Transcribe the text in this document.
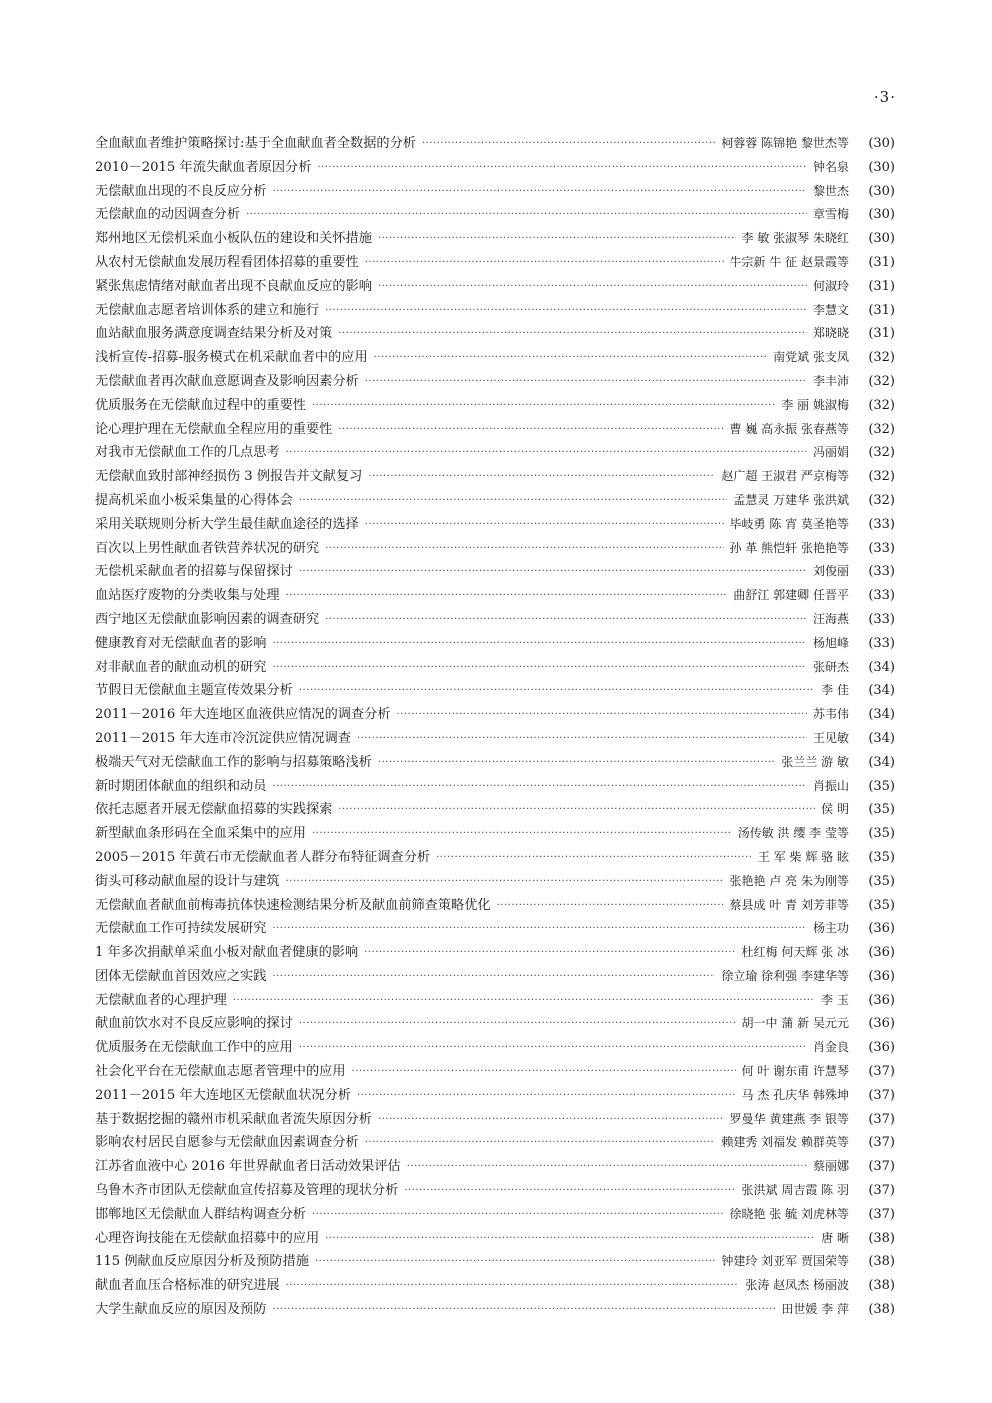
·3·
全血献血者维护策略探讨:基于全血献血者全数据的分析 ·····	柯蓉蓉 陈锦艳 黎世杰等	(30)
2010－2015 年流失献血者原因分析 ·····	钟名泉	(30)
无偿献血出现的不良反应分析 ·····	黎世杰	(30)
无偿献血的动因调查分析 ·····	章雪梅	(30)
郑州地区无偿机采血小板队伍的建设和关怀措施 ·····	李 敏 张淑琴 朱晓红	(30)
从农村无偿献血发展历程看团体招募的重要性 ·····	牛宗新 牛 征 赵景霞等	(31)
紧张焦虑情绪对献血者出现不良献血反应的影响 ·····	何淑玲	(31)
无偿献血志愿者培训体系的建立和施行 ·····	李慧文	(31)
血站献血服务满意度调查结果分析及对策 ·····	郑晓晓	(31)
浅析宣传-招募-服务模式在机采献血者中的应用 ·····	南党斌 张支凤	(32)
无偿献血者再次献血意愿调查及影响因素分析 ·····	李丰沛	(32)
优质服务在无偿献血过程中的重要性 ·····	李 丽 姚淑梅	(32)
论心理护理在无偿献血全程应用的重要性 ·····	曹 巍 高永振 张春燕等	(32)
对我市无偿献血工作的几点思考 ·····	冯丽娟	(32)
无偿献血致肘部神经损伤 3 例报告并文献复习 ·····	赵广超 王淑君 严京梅等	(32)
提高机采血小板采集量的心得体会 ·····	孟慧灵 万建华 张洪斌	(32)
采用关联规则分析大学生最佳献血途径的选择 ·····	毕岐勇 陈 宵 莫圣艳等	(33)
百次以上男性献血者铁营养状况的研究 ·····	孙 革 熊恺轩 张艳艳等	(33)
无偿机采献血者的招募与保留探讨 ·····	刘俊丽	(33)
血站医疗废物的分类收集与处理 ·····	曲舒江 郭建卿 任晋平	(33)
西宁地区无偿献血影响因素的调查研究 ·····	汪海燕	(33)
健康教育对无偿献血者的影响 ·····	杨旭峰	(33)
对非献血者的献血动机的研究 ·····	张研杰	(34)
节假日无偿献血主题宣传效果分析 ·····	李 佳	(34)
2011－2016 年大连地区血液供应情况的调查分析 ·····	苏韦伟	(34)
2011－2015 年大连市冷沉淀供应情况调查 ·····	王见敏	(34)
极端天气对无偿献血工作的影响与招募策略浅析 ·····	张兰兰 游 敏	(34)
新时期团体献血的组织和动员 ·····	肖振山	(35)
依托志愿者开展无偿献血招募的实践探索 ·····	侯 明	(35)
新型献血条形码在全血采集中的应用 ·····	汤传敏 洪 缨 李 莹等	(35)
2005－2015 年黄石市无偿献血者人群分布特征调查分析 ·····	王 军 柴 辉 骆 眩	(35)
街头可移动献血屋的设计与建筑 ·····	张艳艳 卢 亮 朱为刚等	(35)
无偿献血者献血前梅毒抗体快速检测结果分析及献血前筛查策略优化 ·····	蔡县成 叶 青 刘芳菲等	(35)
无偿献血工作可持续发展研究 ·····	杨主功	(36)
1 年多次捐献单采血小板对献血者健康的影响 ·····	杜红梅 何天辉 张 冰	(36)
团体无偿献血首因效应之实践 ·····	徐立瑜 徐利强 李建华等	(36)
无偿献血者的心理护理 ·····	李 玉	(36)
献血前饮水对不良反应影响的探讨 ·····	胡一中 蒲 新 吴元元	(36)
优质服务在无偿献血工作中的应用 ·····	肖金良	(36)
社会化平台在无偿献血志愿者管理中的应用 ·····	何 叶 谢东甫 许慧琴	(37)
2011－2015 年大连地区无偿献血状况分析 ·····	马 杰 孔庆华 韩殊坤	(37)
基于数据挖掘的赣州市机采献血者流失原因分析 ·····	罗曼华 黄建燕 李 银等	(37)
影响农村居民自愿参与无偿献血因素调查分析 ·····	赖建秀 刘福发 赖群英等	(37)
江苏省血液中心 2016 年世界献血者日活动效果评估 ·····	蔡丽娜	(37)
乌鲁木齐市团队无偿献血宣传招募及管理的现状分析 ·····	张洪斌 周吉霞 陈 羽	(37)
邯郸地区无偿献血人群结构调查分析 ·····	徐晓艳 张 毓 刘虎林等	(37)
心理咨询技能在无偿献血招募中的应用 ·····	唐 晰	(38)
115 例献血反应原因分析及预防措施 ·····	钟建玲 刘亚军 贾国荣等	(38)
献血者血压合格标准的研究进展 ·····	张涛 赵凤杰 杨丽波	(38)
大学生献血反应的原因及预防 ·····	田世媛 李 萍	(38)
